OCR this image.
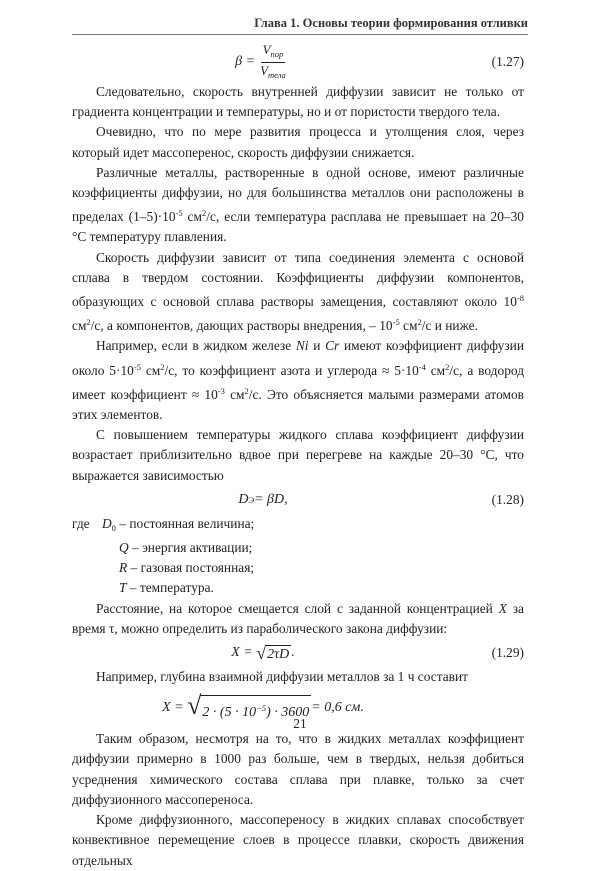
Глава 1. Основы теории формирования отливки
$\beta = \frac{V_{пор}}{V_{тела}}$	(1.27)

Следовательно, скорость внутренней диффузии зависит не только от градиента концентрации и температуры, но и от пористости твердого тела.

Очевидно, что по мере развития процесса и утолщения слоя, через который идет массоперенос, скорость диффузии снижается.

Различные металлы, растворенные в одной основе, имеют различные коэффициенты диффузии, но для большинства металлов они расположены в пределах $(1-5)\cdot 10^{-5}$ $см^2/с$, если температура расплава не превышает на 20–30 °С температуру плавления.

Скорость диффузии зависит от типа соединения элемента с основой сплава в твердом состоянии. Коэффициенты диффузии компонентов, образующих с основой сплава растворы замещения, составляют около $10^{-8}$ $см^2/с$, а компонентов, дающих растворы внедрения, – $10^{-5}$ $см^2/с$ и ниже.

Например, если в жидком железе Ni и Cr имеют коэффициент диффузии около $5\cdot 10^{-5}$ $см^2/с$, то коэффициент азота и углерода ≈ $5\cdot 10^{-4}$ $см^2/с$, а водород имеет коэффициент ≈ $10^{-3}$ $см^2/с$. Это объясняется малыми размерами атомов этих элементов.

С повышением температуры жидкого сплава коэффициент диффузии возрастает приблизительно вдвое при перегреве на каждые 20–30 °С, что выражается зависимостью

D Э = βD,	(1.28)
где $D_0$ – постоянная величина;
Q – энергия активации;
R – газовая постоянная;
T – температура.

Расстояние, на которое смещается слой с заданной концентрацией X за время τ, можно определить из параболического закона диффузии:

X =
√ 2τD .	(1.29)

Например, глубина взаимной диффузии металлов за 1 ч составит

X =
√ $2 \cdot (5 \cdot 10^{-5}) \cdot 3600 = 0,6$ см.

Таким образом, несмотря на то, что в жидких металлах коэффициент диффузии примерно в 1000 раз больше, чем в твердых, нельзя добиться усреднения химического состава сплава при плавке, только за счет диффузионного массопереноса.

Кроме диффузионного, массопереносу в жидких сплавах способствует конвективное перемещение слоев в процессе плавки, скорость движения отдельных

21
